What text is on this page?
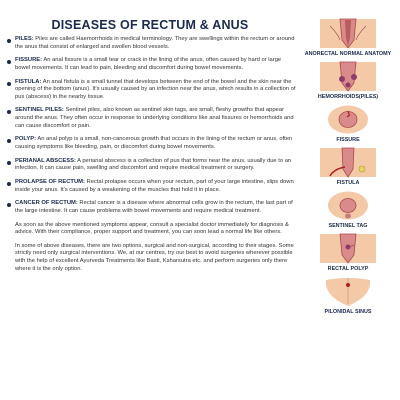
DISEASES OF RECTUM & ANUS
PILES: Piles are called Haemorrhoids in medical terminology. They are swellings within the rectum or around the anus that consist of enlarged and swollen blood vessels.
FISSURE: An anal fissure is a small tear or crack in the lining of the anus, often caused by hard or large bowel movements. It can lead to pain, bleeding and discomfort during bowel movements.
FISTULA: An anal fistula is a small tunnel that develops between the end of the bowel and the skin near the opening of the bottom (anus). It's usually caused by an infection near the anus, which results in a collection of pus (abscess) in the nearby tissue.
SENTINEL PILES: Sentinel piles, also known as sentinel skin tags, are small, fleshy growths that appear around the anus. They often occur in response to underlying conditions like anal fissures or hemorrhoids and can cause discomfort or pain.
POLYP: An anal polyp is a small, non-cancerous growth that occurs in the lining of the rectum or anus, often causing symptoms like bleeding, pain, or discomfort during bowel movements.
PERIANAL ABSCESS: A perianal abscess is a collection of pus that forms near the anus, usually due to an infection. It can cause pain, swelling and discomfort and require medical treatment or surgery.
PROLAPSE OF RECTUM: Rectal prolapse occurs when your rectum, part of your large intestine, slips down inside your anus. It's caused by a weakening of the muscles that hold it in place.
CANCER OF RECTUM: Rectal cancer is a disease where abnormal cells grow in the rectum, the last part of the large intestine. It can cause problems with bowel movements and require medical treatment.

As soon as the above mentioned symptoms appear, consult a specialist doctor immediately for diagnosis & advice. With their compliance, proper support and treatment, you can soon lead a normal life like others.

In some of above diseases, there are two options, surgical and non-surgical, according to their stages. Some strictly need only surgical interventions. We, at our centres, try our best to avoid surgeries wherever possible with the help of excellent Ayurveda Treatments like Basti, Ksharsutra etc. and perform surgeries only there where it is the only option.

ANORECTAL NORMAL ANATOMY
HEMORRHOIDS(PILES)
FISSURE
FISTULA
SENTINEL TAG
RECTAL POLYP
PILONIDAL SINUS
